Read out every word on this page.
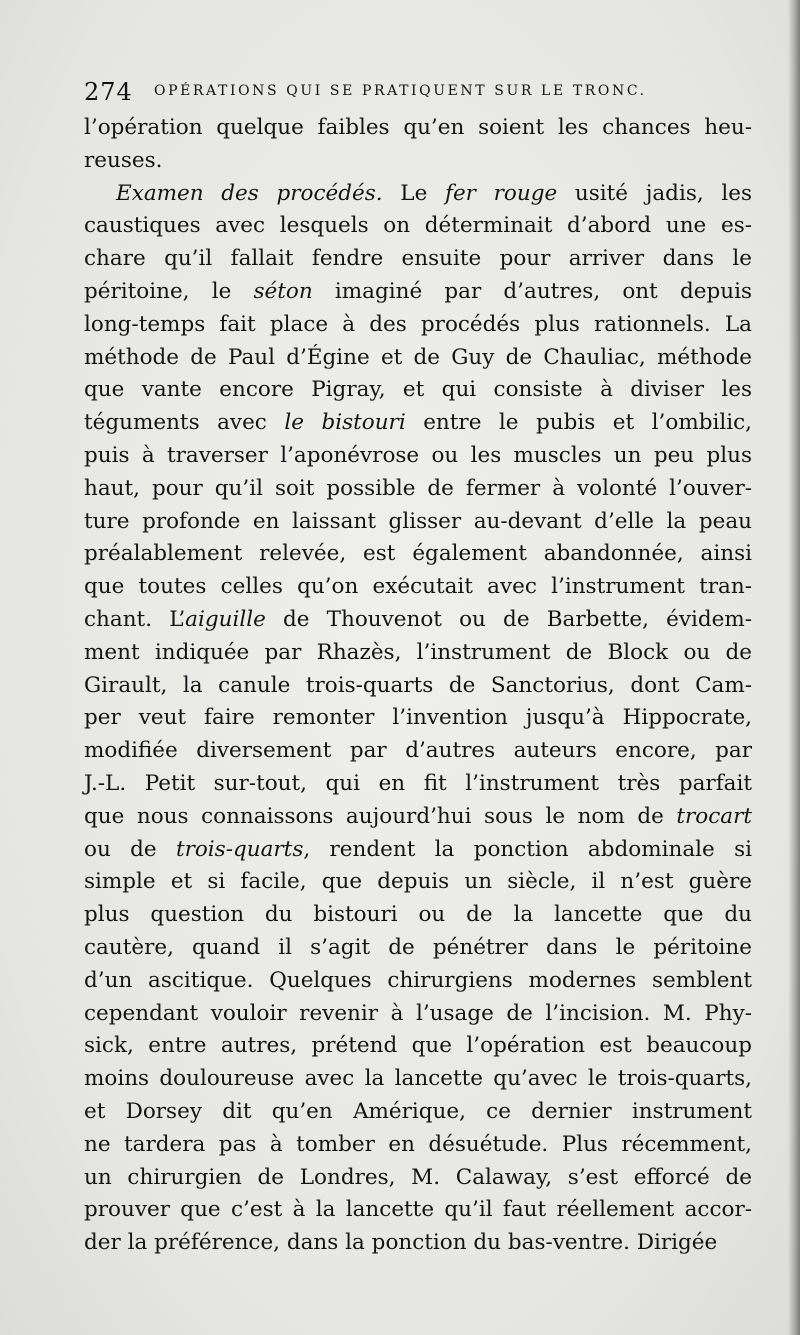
274 OPÉRATIONS QUI SE PRATIQUENT SUR LE TRONC.
l’opération quelque faibles qu’en soient les chances heu-
reuses.
Examen des procédés. Le fer rouge usité jadis, les
caustiques avec lesquels on déterminait d’abord une es-
chare qu’il fallait fendre ensuite pour arriver dans le
péritoine, le séton imaginé par d’autres, ont depuis
long-temps fait place à des procédés plus rationnels. La
méthode de Paul d’Égine et de Guy de Chauliac, méthode
que vante encore Pigray, et qui consiste à diviser les
téguments avec le bistouri entre le pubis et l’ombilic,
puis à traverser l’aponévrose ou les muscles un peu plus
haut, pour qu’il soit possible de fermer à volonté l’ouver-
ture profonde en laissant glisser au-devant d’elle la peau
préalablement relevée, est également abandonnée, ainsi
que toutes celles qu’on exécutait avec l’instrument tran-
chant. L’aiguille de Thouvenot ou de Barbette, évidem-
ment indiquée par Rhazès, l’instrument de Block ou de
Girault, la canule trois-quarts de Sanctorius, dont Cam-
per veut faire remonter l’invention jusqu’à Hippocrate,
modifiée diversement par d’autres auteurs encore, par
J.-L. Petit sur-tout, qui en fit l’instrument très parfait
que nous connaissons aujourd’hui sous le nom de trocart
ou de trois-quarts, rendent la ponction abdominale si
simple et si facile, que depuis un siècle, il n’est guère
plus question du bistouri ou de la lancette que du
cautère, quand il s’agit de pénétrer dans le péritoine
d’un ascitique. Quelques chirurgiens modernes semblent
cependant vouloir revenir à l’usage de l’incision. M. Phy-
sick, entre autres, prétend que l’opération est beaucoup
moins douloureuse avec la lancette qu’avec le trois-quarts,
et Dorsey dit qu’en Amérique, ce dernier instrument
ne tardera pas à tomber en désuétude. Plus récemment,
un chirurgien de Londres, M. Calaway, s’est efforcé de
prouver que c’est à la lancette qu’il faut réellement accor-
der la préférence, dans la ponction du bas-ventre. Dirigée
